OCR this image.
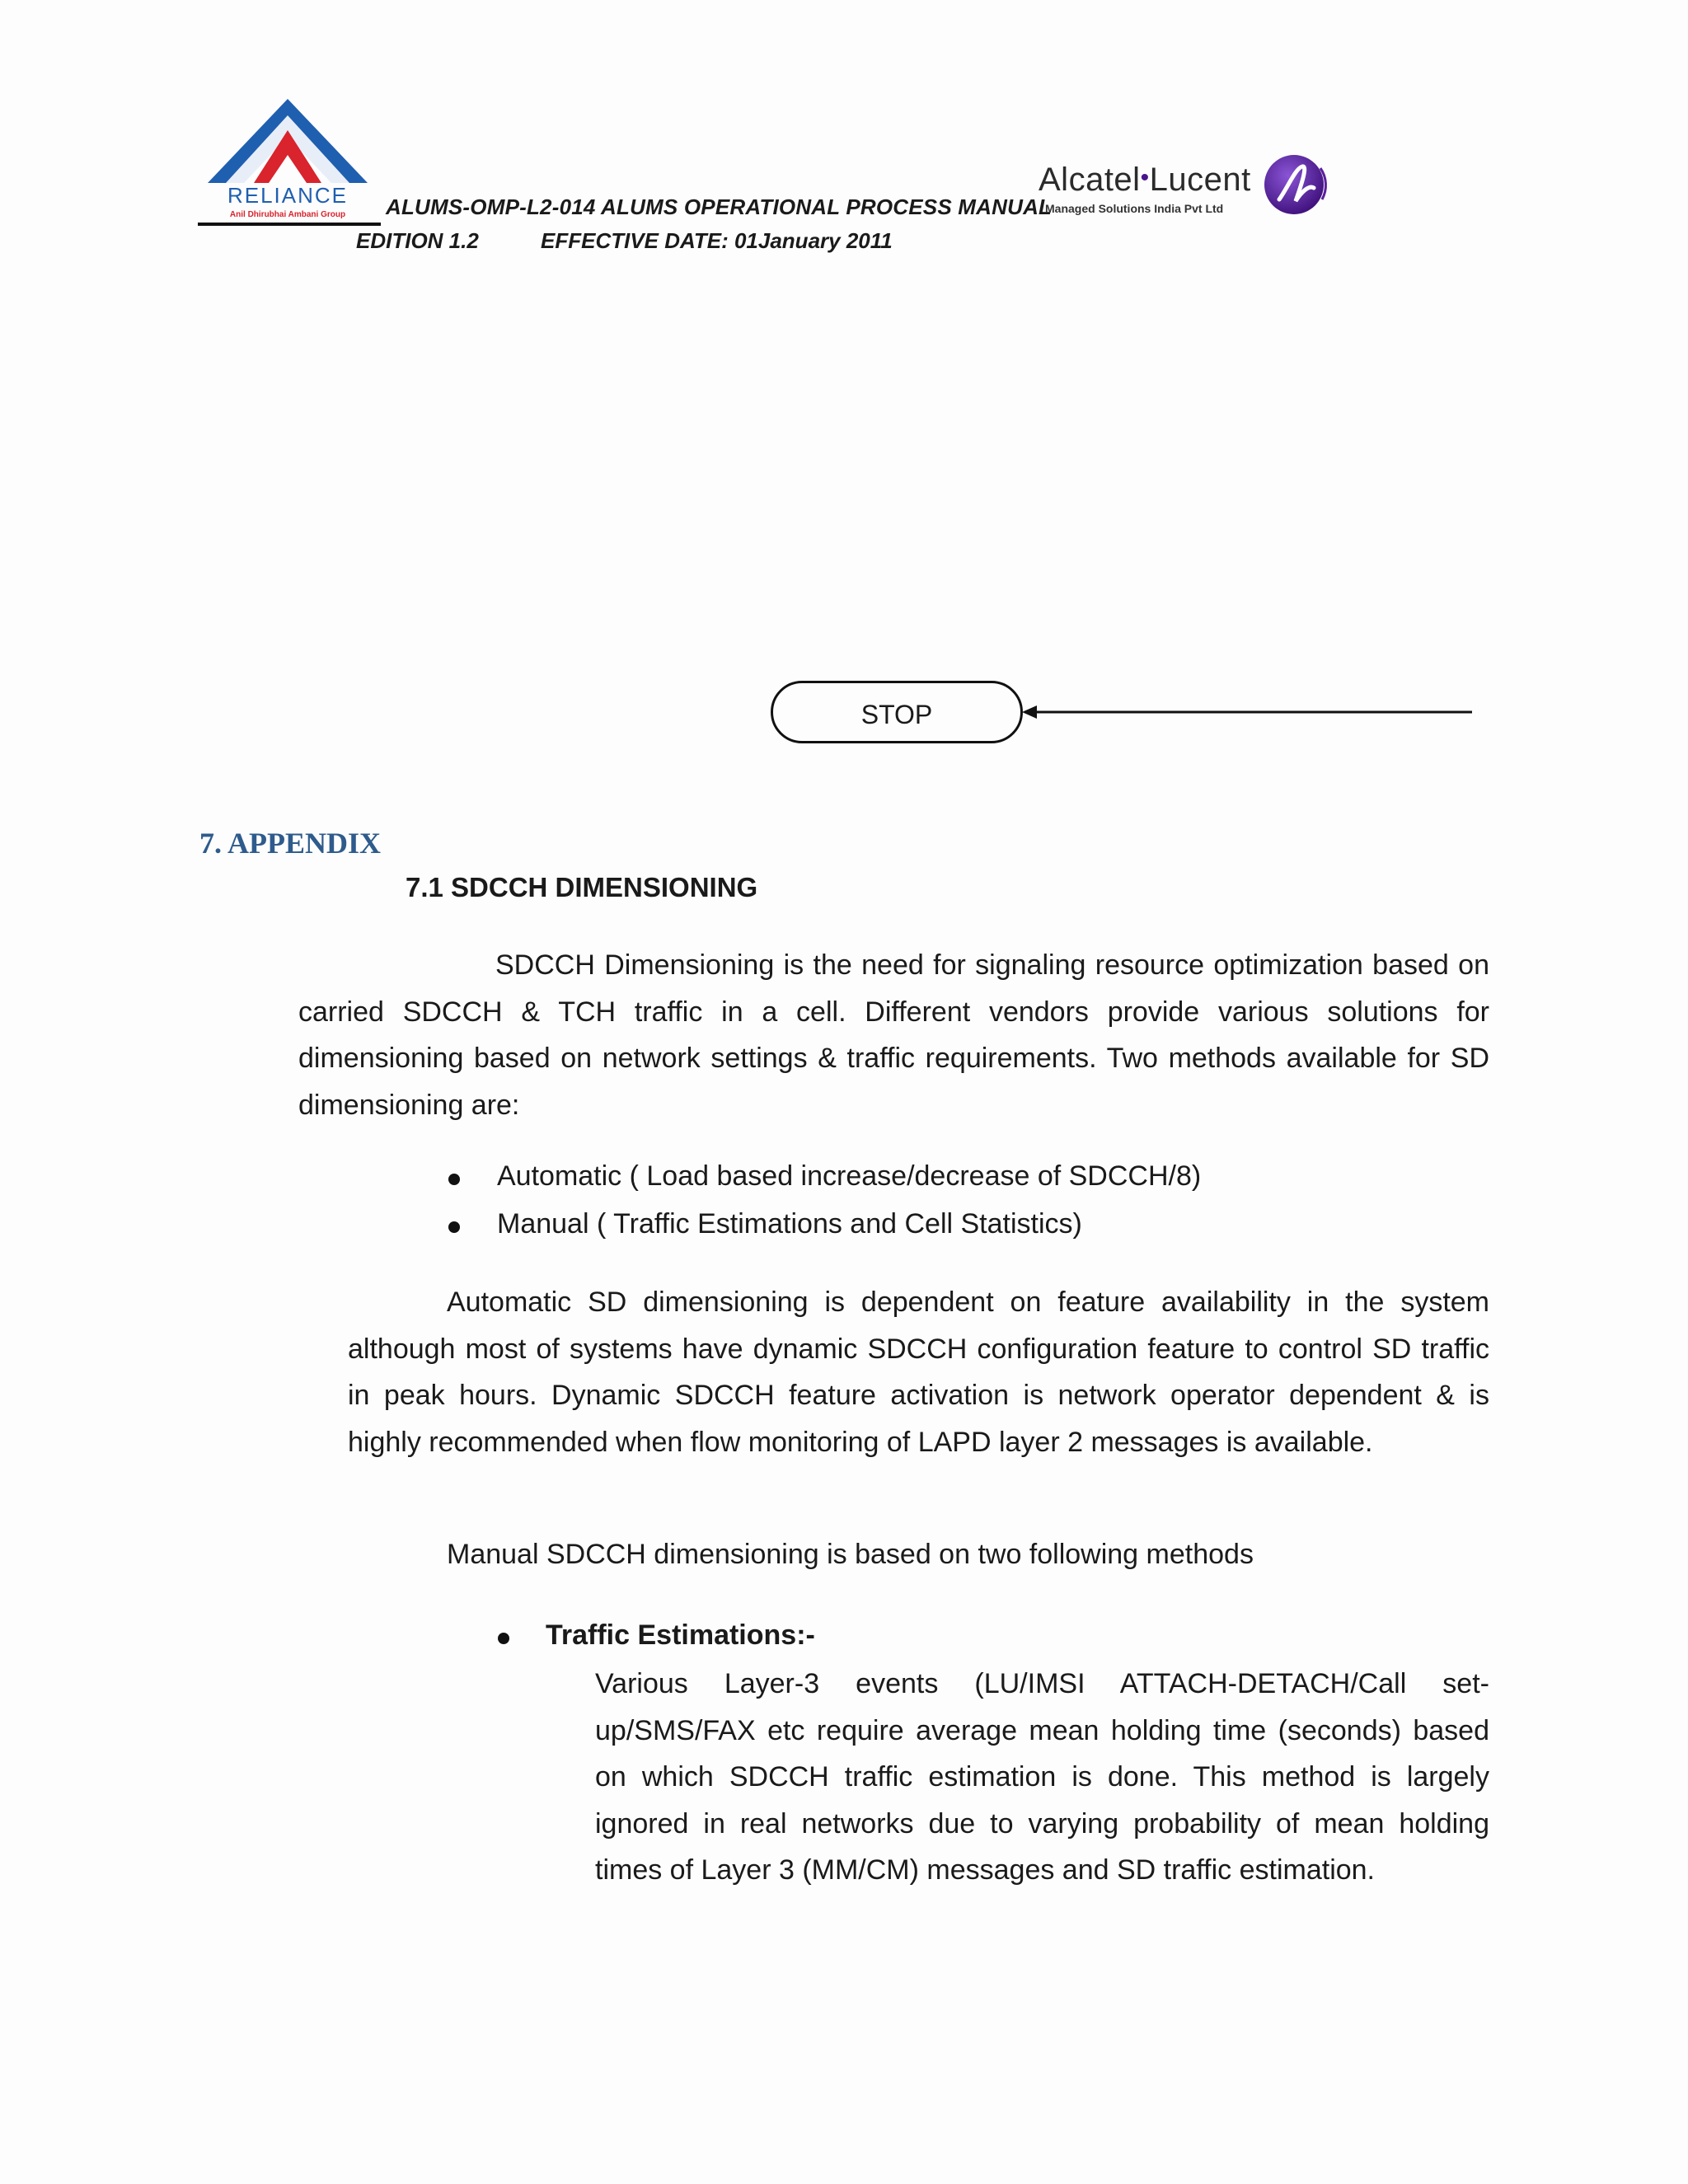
RELIANCE
Anil Dhirubhai Ambani Group ALUMS-OMP-L2-014 ALUMS OPERATIONAL PROCESS MANUAL
EDITION 1.2	EFFECTIVE DATE: 01January 2011
Alcatel•Lucent
Managed Solutions India Pvt Ltd
STOP
7. APPENDIX
7.1 SDCCH DIMENSIONING
SDCCH Dimensioning is the need for signaling resource optimization based on carried SDCCH & TCH traffic in a cell. Different vendors provide various solutions for dimensioning based on network settings & traffic requirements. Two methods available for SD dimensioning are:
Automatic ( Load based increase/decrease of SDCCH/8)
Manual ( Traffic Estimations and Cell Statistics)
Automatic SD dimensioning is dependent on feature availability in the system although most of systems have dynamic SDCCH configuration feature to control SD traffic in peak hours. Dynamic SDCCH feature activation is network operator dependent & is highly recommended when flow monitoring of LAPD layer 2 messages is available.
Manual SDCCH dimensioning is based on two following methods
Traffic Estimations:-
Various Layer-3 events (LU/IMSI ATTACH-DETACH/Call set-up/SMS/FAX etc require average mean holding time (seconds) based on which SDCCH traffic estimation is done. This method is largely ignored in real networks due to varying probability of mean holding times of Layer 3 (MM/CM) messages and SD traffic estimation.
